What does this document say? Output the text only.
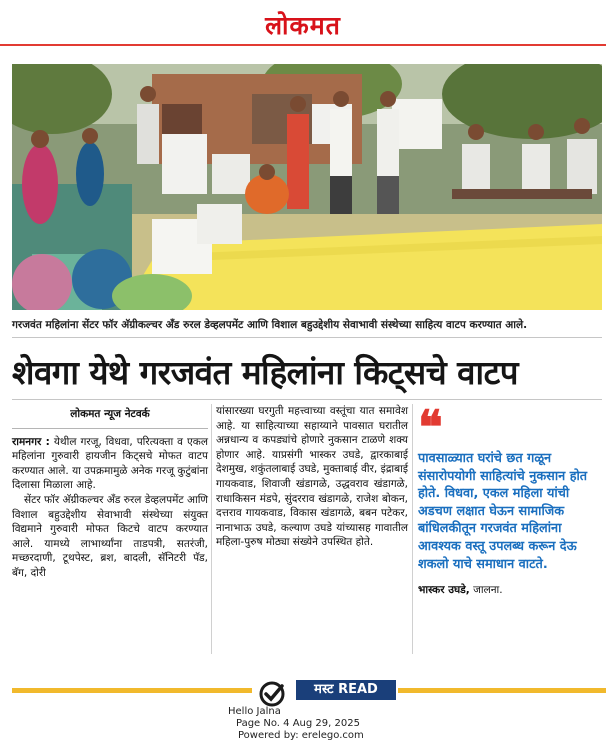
लोकमत
गरजवंत महिलांना सेंटर फॉर अ‍ॅग्रीकल्चर अँड रुरल डेव्हलपमेंट आणि विशाल बहुउद्देशीय सेवाभावी संस्थेच्या साहित्य वाटप करण्यात आले.
शेवगा येथे गरजवंत महिलांना किट्सचे वाटप
लोकमत न्यूज नेटवर्क

रामनगर : येथील गरजू, विधवा, परित्यक्ता व एकल महिलांना गुरुवारी हायजीन किट्सचे मोफत वाटप करण्यात आले. या उपक्रमामुळे अनेक गरजू कुटुंबांना दिलासा मिळाला आहे.

सेंटर फॉर अ‍ॅग्रीकल्चर अँड रुरल डेव्हलपमेंट आणि विशाल बहुउद्देशीय सेवाभावी संस्थेच्या संयुक्त विद्यमाने गुरुवारी मोफत किटचे वाटप करण्यात आले. यामध्ये लाभार्थ्यांना ताडपत्री, सतरंजी, मच्छरदाणी, टूथपेस्ट, ब्रश, बादली, सॅनिटरी पॅड, बॅग, दोरी

यांसारख्या घरगुती महत्त्वाच्या वस्तूंचा यात समावेश आहे. या साहित्याच्या सहाय्याने पावसात घरातील अन्नधान्य व कपड्यांचे होणारे नुकसान टाळणे शक्य होणार आहे. याप्रसंगी भास्कर उघडे, द्वारकाबाई देशमुख, शकुंतलाबाई उघडे, मुक्ताबाई वीर, इंद्राबाई गायकवाड, शिवाजी खंडागळे, उद्धवराव खंडागळे, राधाकिसन मंडपे, सुंदरराव खंडागळे, राजेश बोकन, दत्तराव गायकवाड, विकास खंडागळे, बबन पटेकर, नानाभाऊ उघडे, कल्याण उघडे यांच्यासह गावातील महिला-पुरुष मोठ्या संख्येने उपस्थित होते.
❝
पावसाळ्यात घरांचे छत गळून संसारोपयोगी साहित्यांचे नुकसान होत होते. विधवा, एकल महिला यांची अडचण लक्षात घेऊन सामाजिक बांधिलकीतून गरजवंत महिलांना आवश्यक वस्तू उपलब्ध करून देऊ शकलो याचे समाधान वाटते.
भास्कर उघडे, जालना.
मस्ट READ
Hello Jalna
Page No. 4 Aug 29, 2025
Powered by: erelego.com
